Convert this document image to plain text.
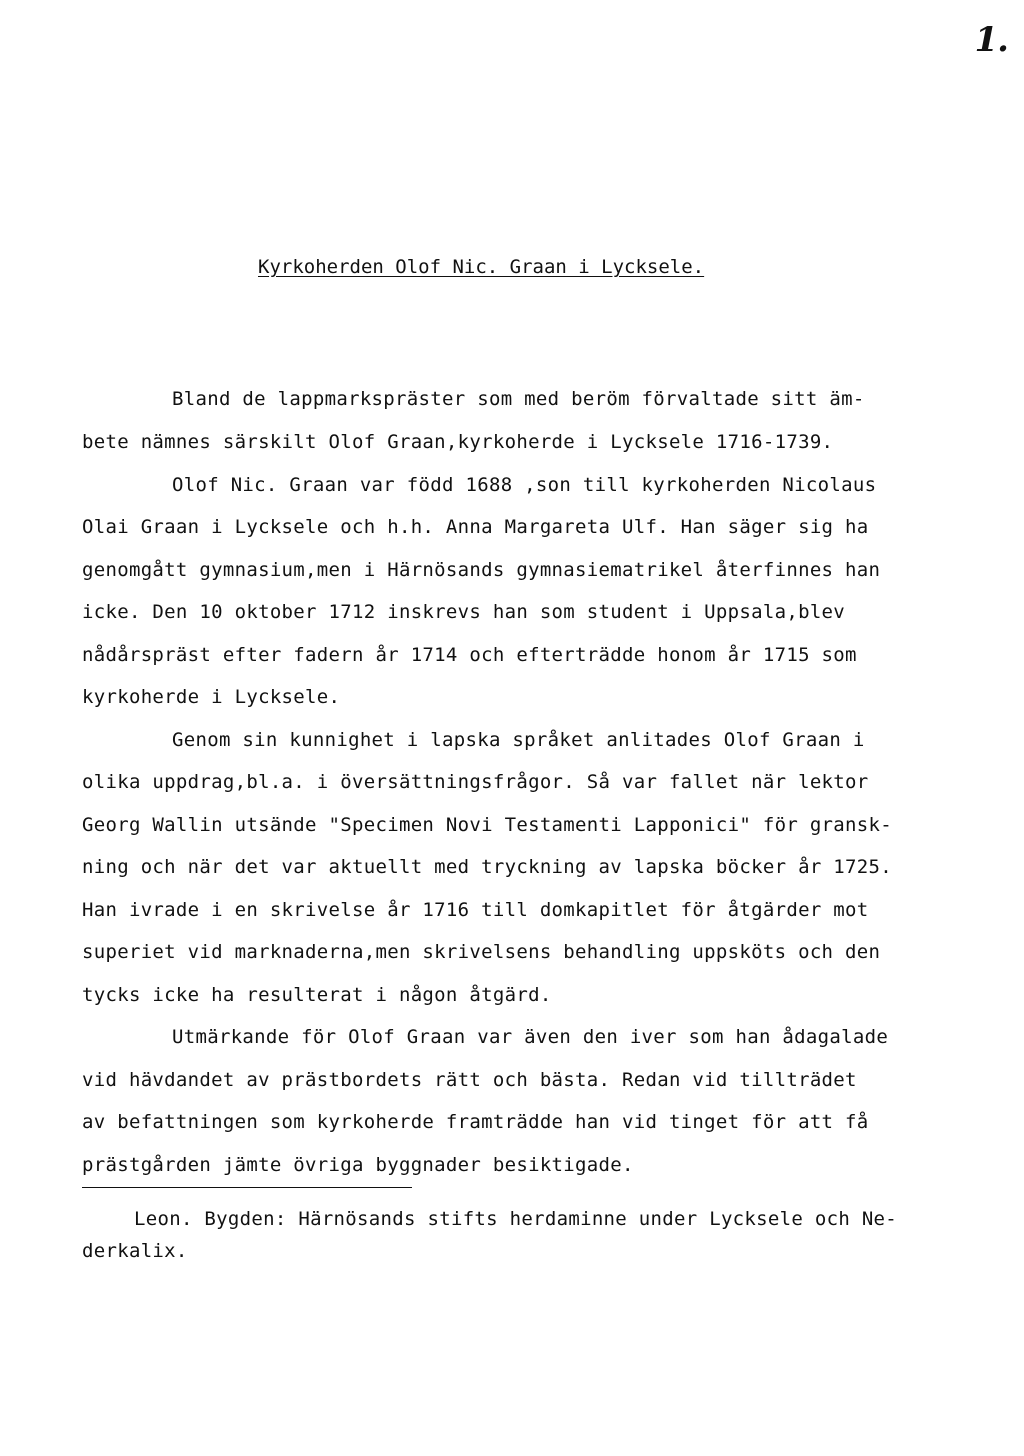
1.
Kyrkoherden Olof Nic. Graan i Lycksele.
Bland de lappmarkspräster som med beröm förvaltade sitt äm-
bete nämnes särskilt Olof Graan,kyrkoherde i Lycksele 1716-1739.
Olof Nic. Graan var född 1688 ,son till kyrkoherden Nicolaus
Olai Graan i Lycksele och h.h. Anna Margareta Ulf. Han säger sig ha
genomgått gymnasium,men i Härnösands gymnasiematrikel återfinnes han
icke. Den 10 oktober 1712 inskrevs han som student i Uppsala,blev
nådårspräst efter fadern år 1714 och efterträdde honom år 1715 som
kyrkoherde i Lycksele.
Genom sin kunnighet i lapska språket anlitades Olof Graan i
olika uppdrag,bl.a. i översättningsfrågor. Så var fallet när lektor
Georg Wallin utsände "Specimen Novi Testamenti Lapponici" för gransk-
ning och när det var aktuellt med tryckning av lapska böcker år 1725.
Han ivrade i en skrivelse år 1716 till domkapitlet för åtgärder mot
superiet vid marknaderna,men skrivelsens behandling uppsköts och den
tycks icke ha resulterat i någon åtgärd.
Utmärkande för Olof Graan var även den iver som han ådagalade
vid hävdandet av prästbordets rätt och bästa. Redan vid tillträdet
av befattningen som kyrkoherde framträdde han vid tinget för att få
prästgården jämte övriga byggnader besiktigade.
Leon. Bygden: Härnösands stifts herdaminne under Lycksele och Ne-
derkalix.
